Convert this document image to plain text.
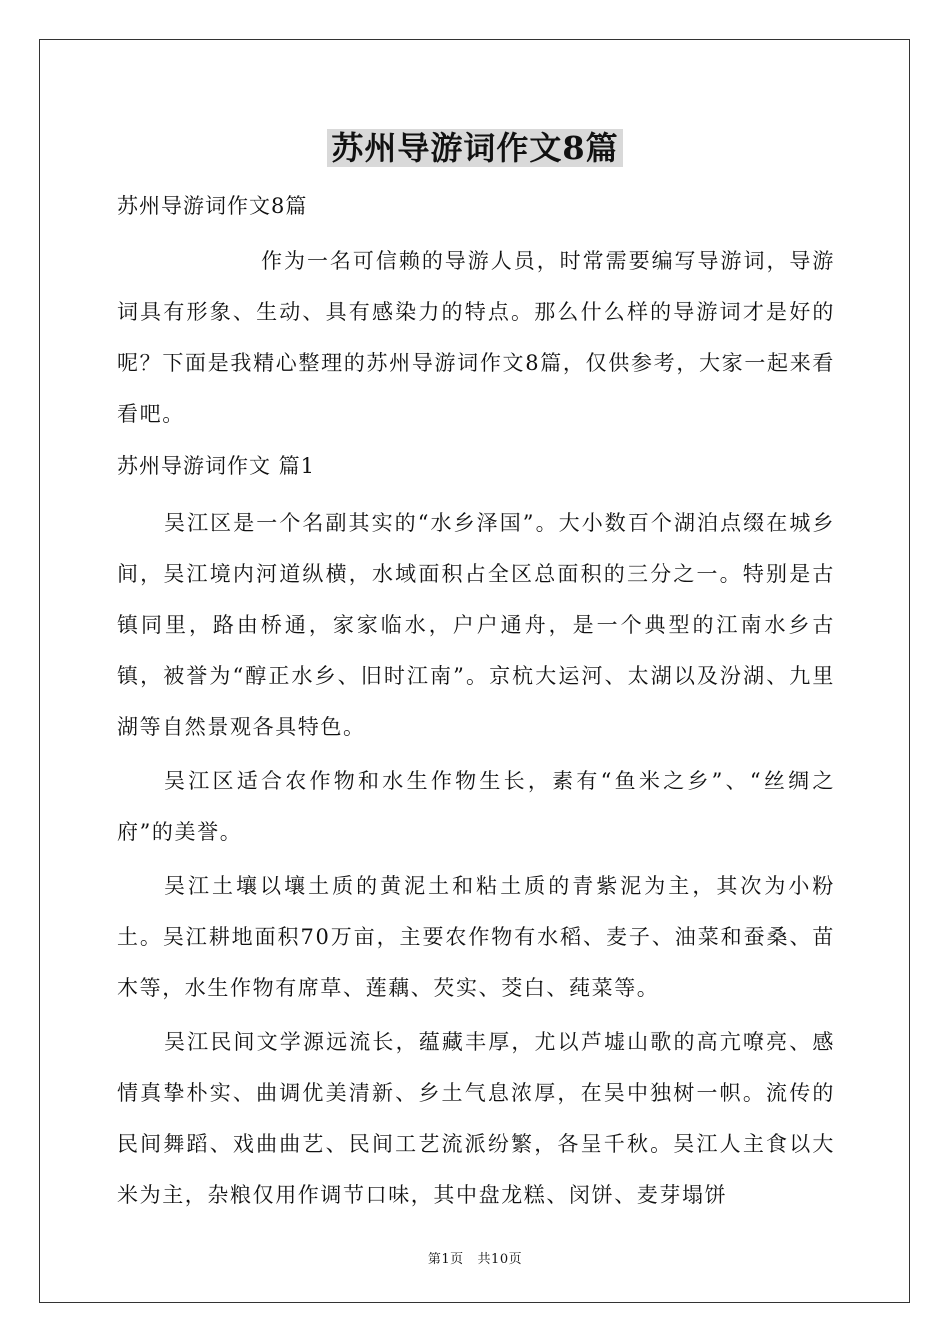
苏州导游词作文8篇

苏州导游词作文8篇

作为一名可信赖的导游人员，时常需要编写导游词，导游词具有形象、生动、具有感染力的特点。那么什么样的导游词才是好的呢？下面是我精心整理的苏州导游词作文8篇，仅供参考，大家一起来看看吧。

苏州导游词作文 篇1

吴江区是一个名副其实的“水乡泽国”。大小数百个湖泊点缀在城乡间，吴江境内河道纵横，水域面积占全区总面积的三分之一。特别是古镇同里，路由桥通，家家临水，户户通舟，是一个典型的江南水乡古镇，被誉为“醇正水乡、旧时江南”。京杭大运河、太湖以及汾湖、九里湖等自然景观各具特色。

吴江区适合农作物和水生作物生长，素有“鱼米之乡”、“丝绸之府”的美誉。

吴江土壤以壤土质的黄泥土和粘土质的青紫泥为主，其次为小粉土。吴江耕地面积70万亩，主要农作物有水稻、麦子、油菜和蚕桑、苗木等，水生作物有席草、莲藕、芡实、茭白、莼菜等。

吴江民间文学源远流长，蕴藏丰厚，尤以芦墟山歌的高亢嘹亮、感情真挚朴实、曲调优美清新、乡土气息浓厚，在吴中独树一帜。流传的民间舞蹈、戏曲曲艺、民间工艺流派纷繁，各呈千秋。吴江人主食以大米为主，杂粮仅用作调节口味，其中盘龙糕、闵饼、麦芽塌饼

第1页   共10页
